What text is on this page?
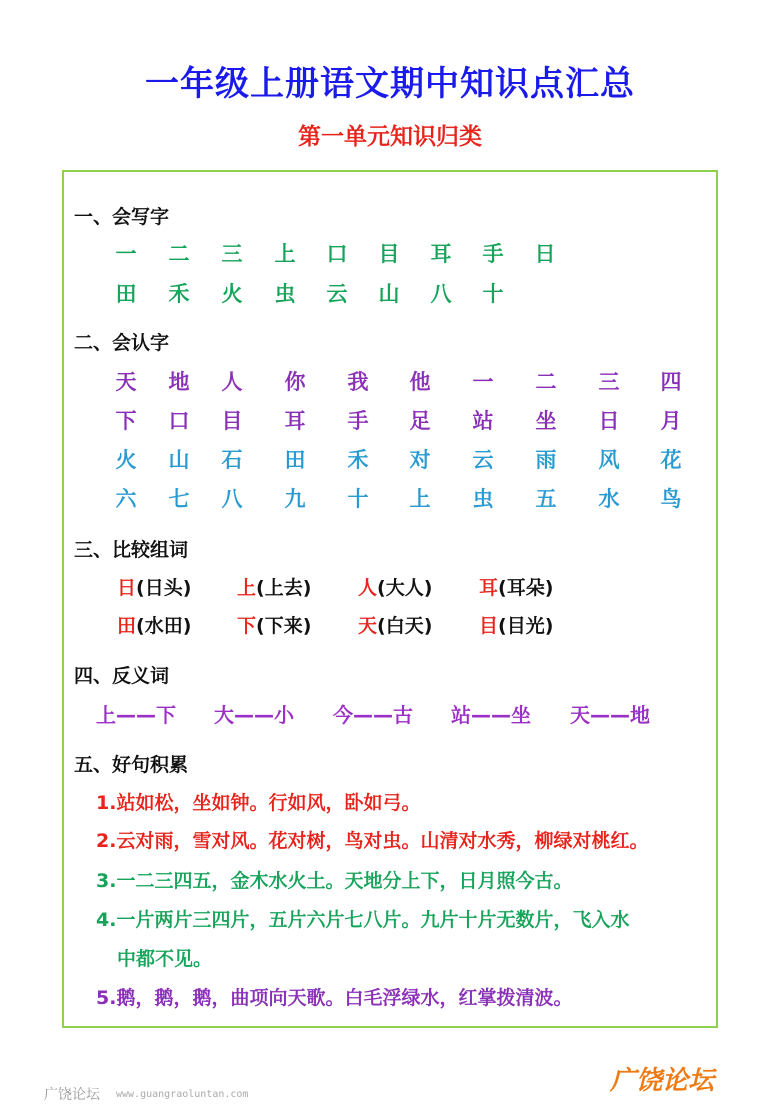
一年级上册语文期中知识点汇总
第一单元知识归类
一、会写字
一 二 三 上 口 目 耳 手 日
田 禾 火 虫 云 山 八 十
二、会认字
天 地 人 你 我 他 一 二 三 四
下 口 目 耳 手 足 站 坐 日 月
火 山 石 田 禾 对 云 雨 风 花
六 七 八 九 十 上 虫 五 水 鸟
三、比较组词
日(日头) 上(上去) 人(大人) 耳(耳朵)
田(水田) 下(下来) 天(白天) 目(目光)
四、反义词
上——下 大——小 今——古 站——坐 天——地
五、好句积累
1.站如松，坐如钟。行如风，卧如弓。
2.云对雨，雪对风。花对树，鸟对虫。山清对水秀，柳绿对桃红。
3.一二三四五，金木水火土。天地分上下，日月照今古。
4.一片两片三四片，五片六片七八片。九片十片无数片，飞入水
中都不见。
5.鹅，鹅，鹅，曲项向天歌。白毛浮绿水，红掌拨清波。
广饶论坛 www.guangraoluntan.com	广饶论坛
